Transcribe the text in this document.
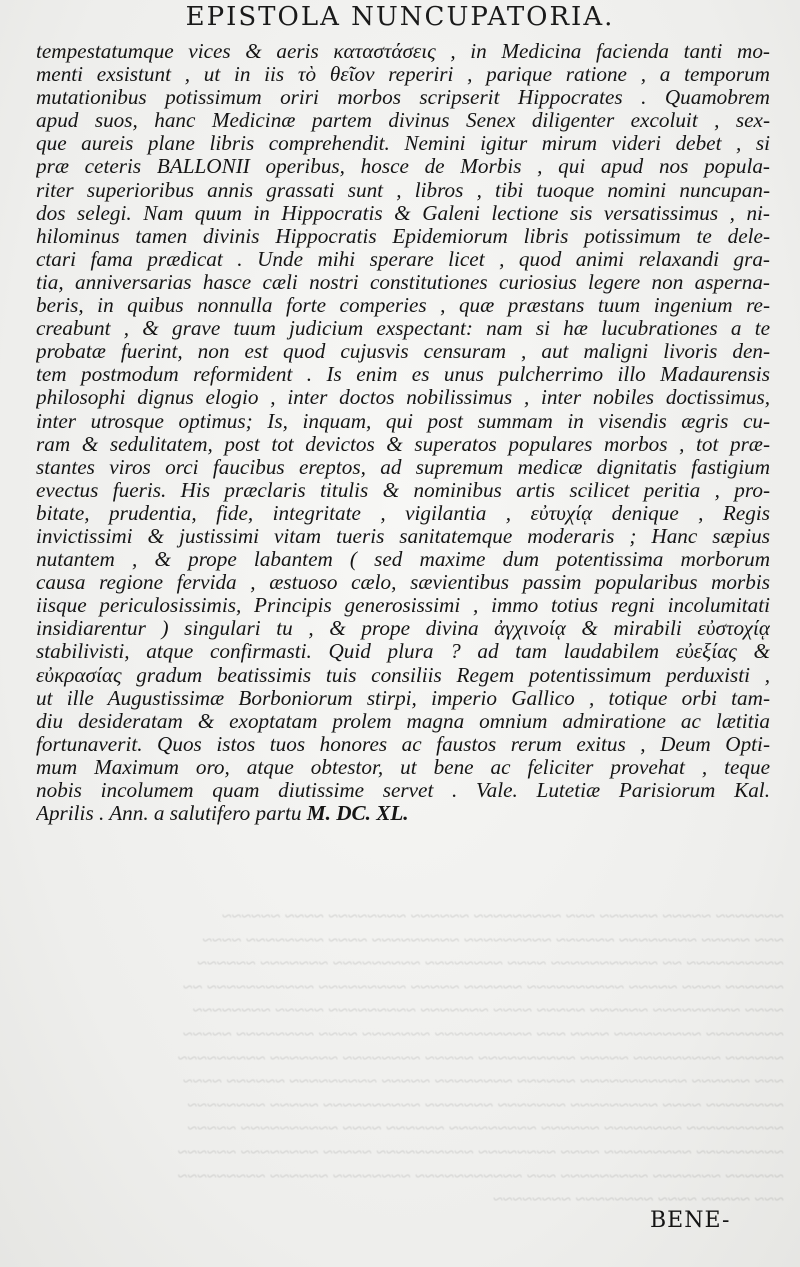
EPISTOLA NUNCUPATORIA.
~~~~~~~ ~~~~~ ~~~~~~ ~~~ ~~~~~~~~~ ~~~~~~ ~~~~~~~~ ~~~~ ~~~~~~
~~~ ~~~~~ ~~~~~~~~ ~~~~~~ ~~~~~~~~~ ~~~~~~~~~ ~~~~ ~~~~~~~~ ~~~~
~~~~~~~~~~ ~~ ~~~~~~~~~~~ ~~~~ ~~~~~~~~ ~~~~~~~~~ ~~~~~~~ ~~~~~~
~~~~~~ ~~~~ ~~~~~ ~~~~~~~~~~ ~~~~~~ ~~~~~ ~~~~~~~~~ ~~~~~~~~~~~ ~~
~~~~ ~~~~~~~~~ ~~~~~~ ~~~~~ ~~~~ ~~~~~~~ ~~~~~~~~~ ~~~~~ ~~~~~~~~
~~~~~~~~ ~~~~~~~~~ ~~~~ ~~~ ~~~~~~~~~~ ~~~~~~~ ~~~~ ~~~~~~~~ ~~~~~
~~~~~~ ~~~~~~~~~ ~~~~~ ~~~~~~~~~~ ~~~~~ ~~~~~~~~ ~~~~~~~ ~~~~~~~~~
~~~ ~~~~~~ ~~~~~~~~~~~ ~~~~~~ ~~~~~~~~ ~~~~~ ~~~~~~~~~ ~~~~~~ ~~~~
~~~~~~~~ ~~~~ ~~~~~~~~~ ~~~~~~~ ~~~~~~~ ~~~~~~~~~~ ~~~~~ ~~~~~~~~
~~~~~~~~~~ ~~~~~~~~ ~~~~~~ ~~~~~~~~~ ~~~~~~ ~~~~ ~~~~~~~~~~ ~~~~~
~~~~~~~~~ ~~~~~~~~~ ~~~~ ~~~~~~~~ ~~~~~~~~~~ ~~~~~ ~~~~~~~~ ~~~~~~
~~~~~~ ~~~~~~~ ~~~~~~~~~ ~~~ ~~~~~~~~~~~ ~~~~~~~~ ~~~~~~ ~~~~~~~~~
~~~ ~~~~~ ~~~~ ~~~~~~~~ ~~~~~~~~
tempestatumque vices & aeris καταστάσεις , in Medicina facienda tanti mo-
menti exsistunt , ut in iis τὸ θεῖον reperiri , parique ratione , a temporum
mutationibus potissimum oriri morbos scripserit Hippocrates . Quamobrem
apud suos, hanc Medicinæ partem divinus Senex diligenter excoluit , sex-
que aureis plane libris comprehendit. Nemini igitur mirum videri debet , si
præ ceteris BALLONII operibus, hosce de Morbis , qui apud nos popula-
riter superioribus annis grassati sunt , libros , tibi tuoque nomini nuncupan-
dos selegi. Nam quum in Hippocratis & Galeni lectione sis versatissimus , ni-
hilominus tamen divinis Hippocratis Epidemiorum libris potissimum te dele-
ctari fama prædicat . Unde mihi sperare licet , quod animi relaxandi gra-
tia, anniversarias hasce cæli nostri constitutiones curiosius legere non asperna-
beris, in quibus nonnulla forte comperies , quæ præstans tuum ingenium re-
creabunt , & grave tuum judicium exspectant: nam si hæ lucubrationes a te
probatæ fuerint, non est quod cujusvis censuram , aut maligni livoris den-
tem postmodum reformident . Is enim es unus pulcherrimo illo Madaurensis
philosophi dignus elogio , inter doctos nobilissimus , inter nobiles doctissimus,
inter utrosque optimus; Is, inquam, qui post summam in visendis ægris cu-
ram & sedulitatem, post tot devictos & superatos populares morbos , tot præ-
stantes viros orci faucibus ereptos, ad supremum medicæ dignitatis fastigium
evectus fueris. His præclaris titulis & nominibus artis scilicet peritia , pro-
bitate, prudentia, fide, integritate , vigilantia , εὐτυχίᾳ denique , Regis
invictissimi & justissimi vitam tueris sanitatemque moderaris ; Hanc sæpius
nutantem , & prope labantem ( sed maxime dum potentissima morborum
causa regione fervida , æstuoso cælo, sævientibus passim popularibus morbis
iisque periculosissimis, Principis generosissimi , immo totius regni incolumitati
insidiarentur ) singulari tu , & prope divina ἀγχινοίᾳ & mirabili εὐστοχίᾳ
stabilivisti, atque confirmasti. Quid plura ? ad tam laudabilem εὐεξίας &
εὐκρασίας gradum beatissimis tuis consiliis Regem potentissimum perduxisti ,
ut ille Augustissimæ Borboniorum stirpi, imperio Gallico , totique orbi tam-
diu desideratam & exoptatam prolem magna omnium admiratione ac lætitia
fortunaverit. Quos istos tuos honores ac faustos rerum exitus , Deum Opti-
mum Maximum oro, atque obtestor, ut bene ac feliciter provehat , teque
nobis incolumem quam diutissime servet . Vale. Lutetiæ Parisiorum Kal.
Aprilis . Ann. a salutifero partu M. DC. XL.
BENE-
